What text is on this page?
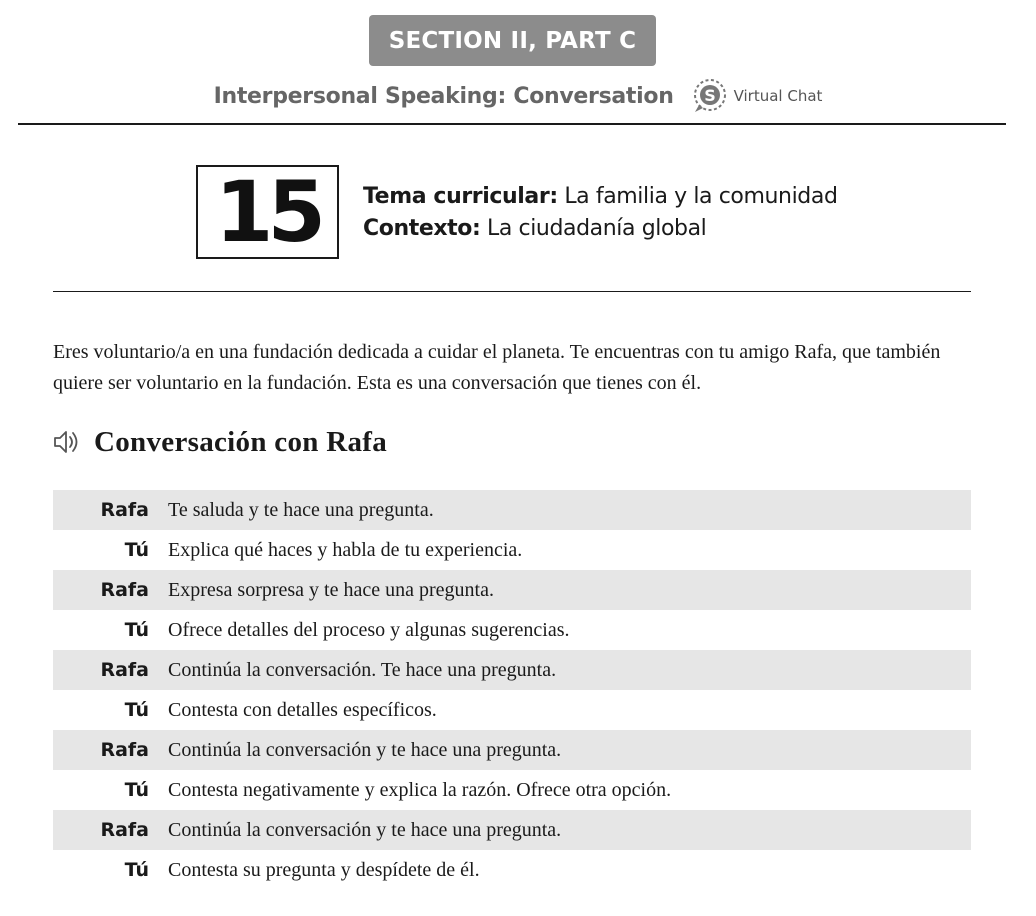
SECTION II, PART C
Interpersonal Speaking: Conversation S Virtual Chat
15	Tema curricular: La familia y la comunidad
Contexto: La ciudadanía global
Eres voluntario/a en una fundación dedicada a cuidar el planeta. Te encuentras con tu amigo Rafa, que también quiere ser voluntario en la fundación. Esta es una conversación que tienes con él.
Conversación con Rafa
Rafa Te saluda y te hace una pregunta.
Tú Explica qué haces y habla de tu experiencia.
Rafa Expresa sorpresa y te hace una pregunta.
Tú Ofrece detalles del proceso y algunas sugerencias.
Rafa Continúa la conversación. Te hace una pregunta.
Tú Contesta con detalles específicos.
Rafa Continúa la conversación y te hace una pregunta.
Tú Contesta negativamente y explica la razón. Ofrece otra opción.
Rafa Continúa la conversación y te hace una pregunta.
Tú Contesta su pregunta y despídete de él.
